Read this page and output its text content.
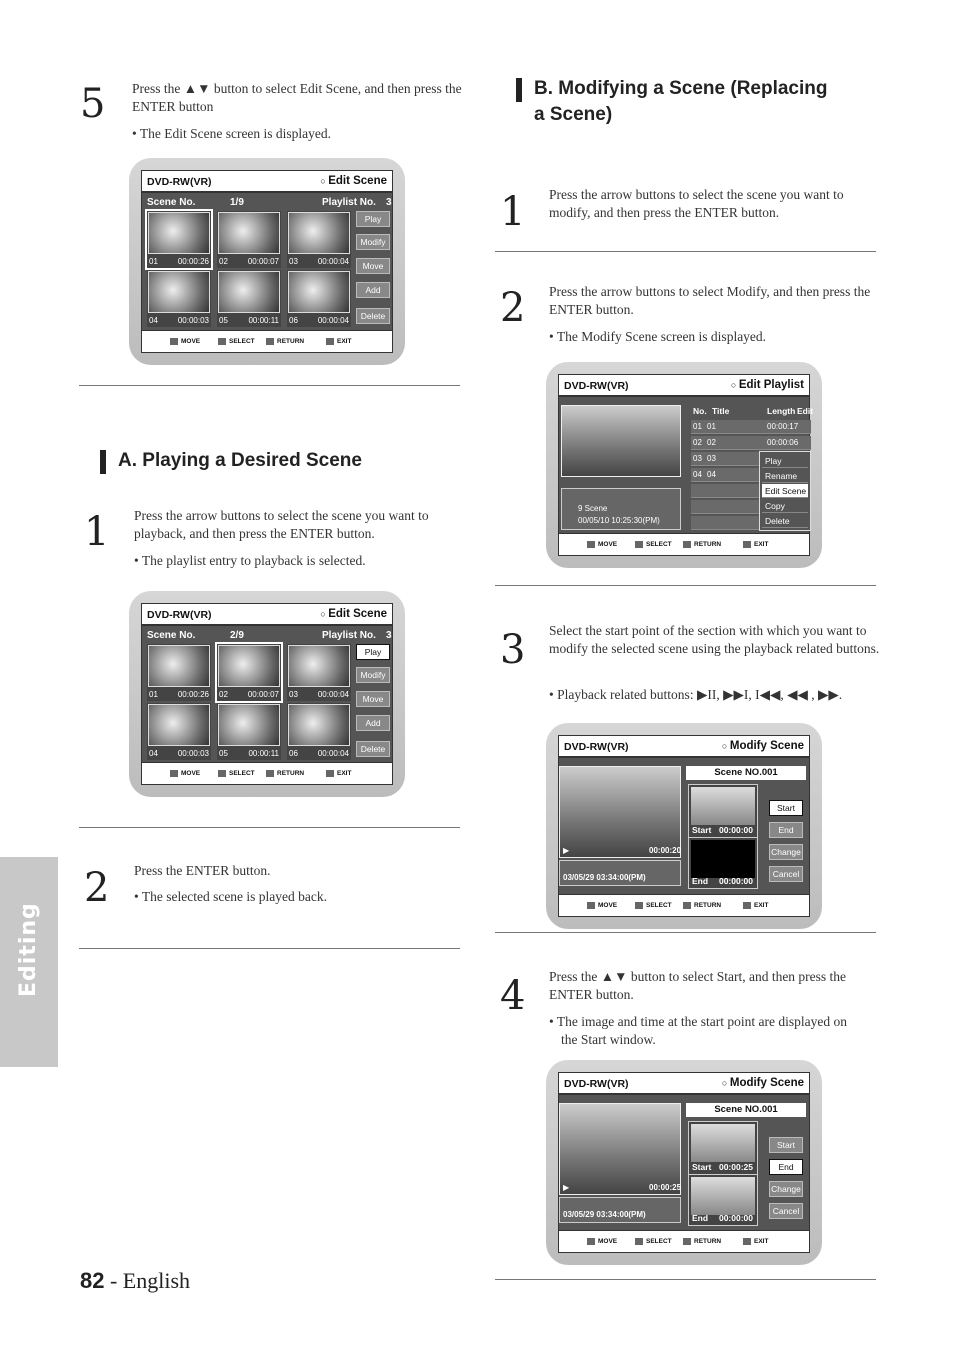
Editing
5 Press the ▲▼ button to select Edit Scene, and then press the ENTER button
• The Edit Scene screen is displayed.
DVD-RW(VR)	○ Edit Scene
Scene No.	1/9	Playlist No. 3
01 00:00:26 02 00:00:07 03 00:00:04
04 00:00:03 05	00:00:11 06 00:00:04
Play
Modify
Move
Add
Delete
MOVE	SELECT	RETURN	EXIT
A. Playing a Desired Scene
1 Press the arrow buttons to select the scene you want to playback, and then press the ENTER button.
• The playlist entry to playback is selected.
DVD-RW(VR)	○ Edit Scene
Scene No.	2/9	Playlist No. 3
01 00:00:26 02 00:00:07 03 00:00:04
04 00:00:03 05	00:00:11 06 00:00:04
Play
Modify
Move
Add
Delete
MOVE	SELECT	RETURN	EXIT
2 Press the ENTER button.
• The selected scene is played back.
B. Modifying a Scene (Replacing
a Scene)
1 Press the arrow buttons to select the scene you want to modify, and then press the ENTER button.
2 Press the arrow buttons to select Modify, and then press the ENTER button.
• The Modify Scene screen is displayed.
DVD-RW(VR)	○ Edit Playlist
9 Scene
00/05/10 10:25:30(PM)
No. Title	Length Edit
01 01	00:00:17
02 02	00:00:06
03 03
04 04
Play
Rename
Edit Scene
Copy
Delete
MOVE	SELECT	RETURN	EXIT
3 Select the start point of the section with which you want to modify the selected scene using the playback related buttons.
• Playback related buttons: ▶II, ▶▶I, I◀◀, ◀◀ , ▶▶.
DVD-RW(VR)	○ Modify Scene
▶	00:00:20
03/05/29 03:34:00(PM)
Scene NO.001
Start 00:00:00
End 00:00:00
Start
End
Change
Cancel
MOVE	SELECT	RETURN	EXIT
4 Press the ▲▼ button to select Start, and then press the ENTER button.
• The image and time at the start point are displayed on the Start window.
DVD-RW(VR)	○ Modify Scene
▶	00:00:25
03/05/29 03:34:00(PM)
Scene NO.001
Start 00:00:25
End 00:00:00
Start
End
Change
Cancel
MOVE	SELECT	RETURN	EXIT
82 - English
